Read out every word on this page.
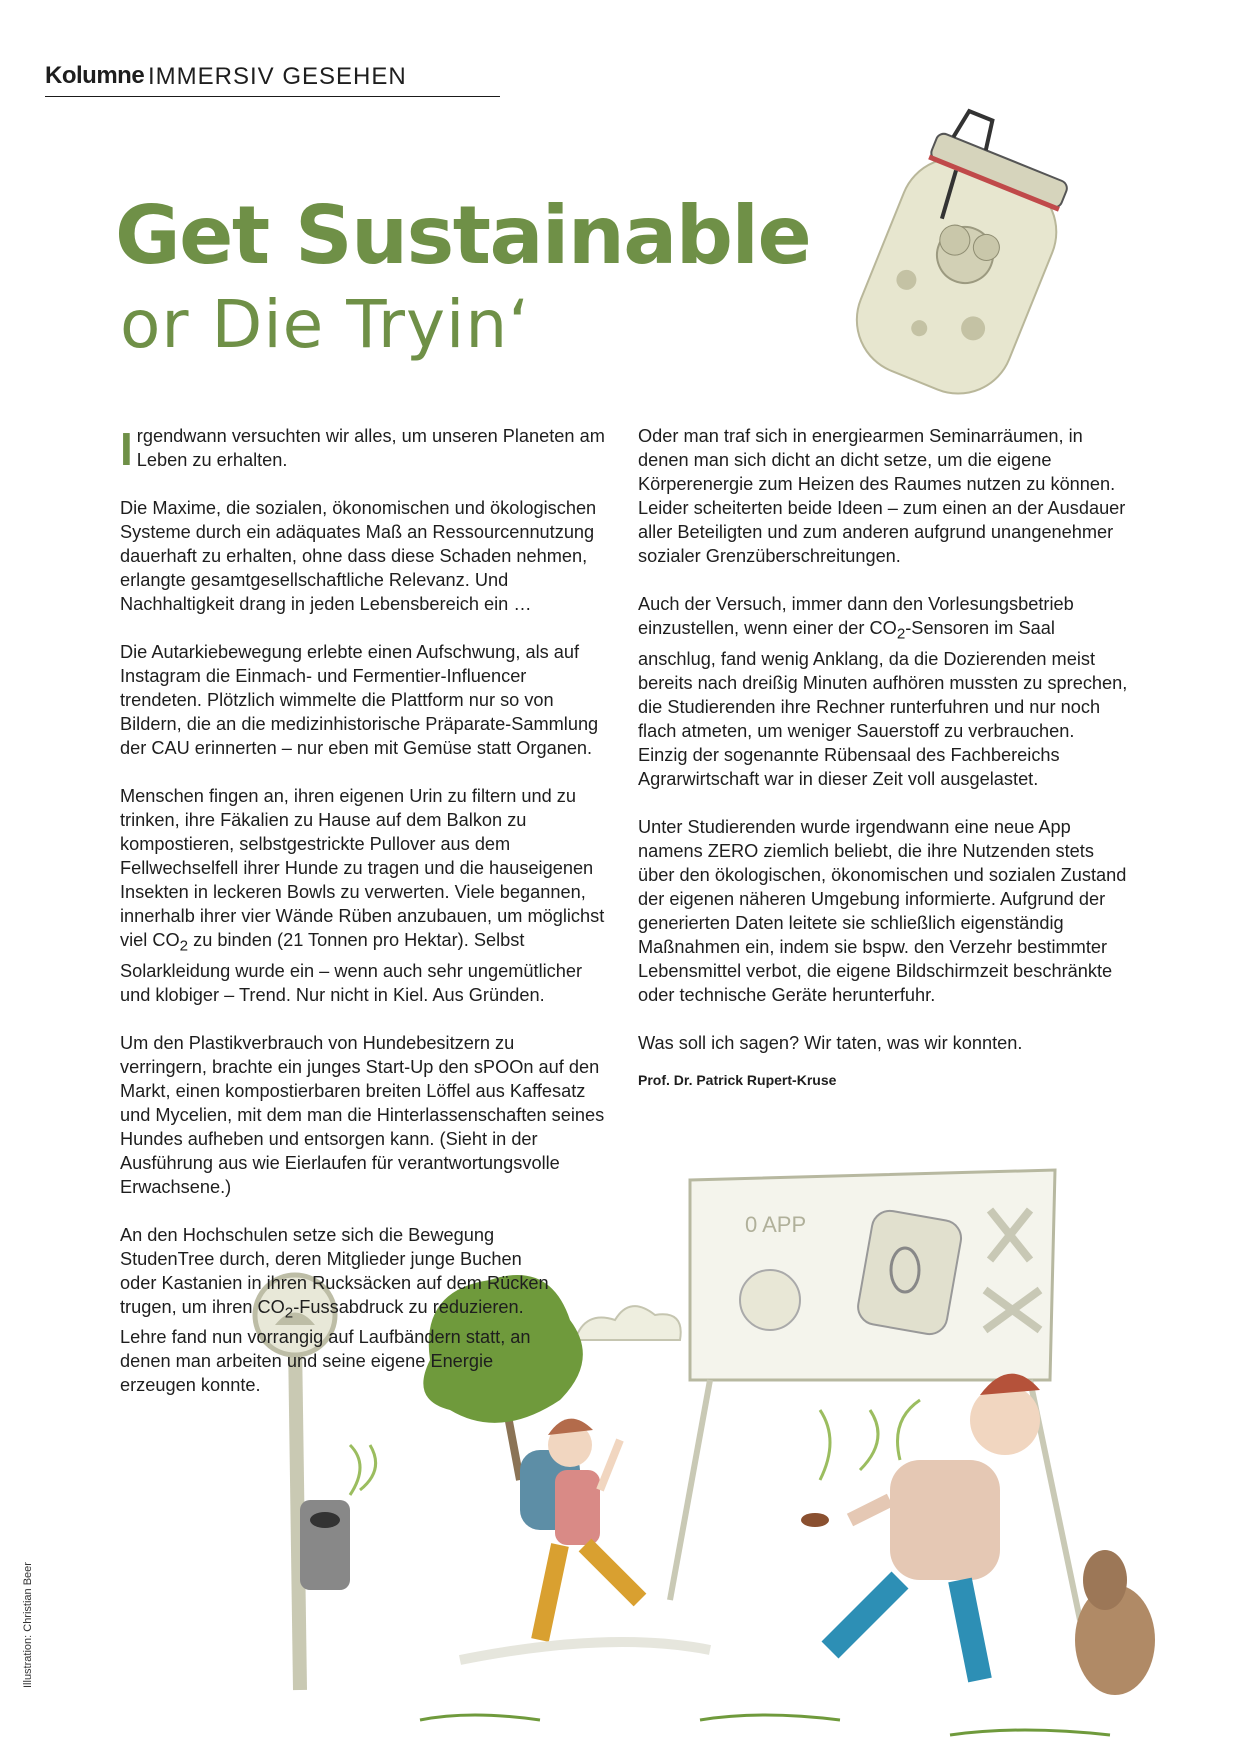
Kolumne IMMERSIV GESEHEN
Get Sustainable
or Die Tryin‘
0 APP

Irgendwann versuchten wir alles, um unseren Planeten am Leben zu erhalten.

Die Maxime, die sozialen, ökonomischen und ökologischen Systeme durch ein adäquates Maß an Ressourcennutzung dauerhaft zu erhalten, ohne dass diese Schaden nehmen, erlangte gesamtgesellschaftliche Relevanz. Und Nachhaltigkeit drang in jeden Lebensbereich ein …

Die Autarkiebewegung erlebte einen Aufschwung, als auf Instagram die Einmach- und Fermentier-Influencer trendeten. Plötzlich wimmelte die Plattform nur so von Bildern, die an die medizinhistorische Präparate-Sammlung der CAU erinnerten – nur eben mit Gemüse statt Organen.

Menschen fingen an, ihren eigenen Urin zu filtern und zu trinken, ihre Fäkalien zu Hause auf dem Balkon zu kompostieren, selbstgestrickte Pullover aus dem Fellwechselfell ihrer Hunde zu tragen und die hauseigenen Insekten in leckeren Bowls zu verwerten. Viele begannen, innerhalb ihrer vier Wände Rüben anzubauen, um möglichst viel $CO_2$ zu binden (21 Tonnen pro Hektar). Selbst Solarkleidung wurde ein – wenn auch sehr ungemütlicher und klobiger – Trend. Nur nicht in Kiel. Aus Gründen.

Um den Plastikverbrauch von Hundebesitzern zu verringern, brachte ein junges Start-Up den sPOOn auf den Markt, einen kompostierbaren breiten Löffel aus Kaffesatz und Mycelien, mit dem man die Hinterlassenschaften seines Hundes aufheben und entsorgen kann. (Sieht in der Ausführung aus wie Eierlaufen für verantwortungsvolle Erwachsene.)

An den Hochschulen setze sich die Bewegung StudenTree durch, deren Mitglieder junge Buchen oder Kastanien in ihren Rucksäcken auf dem Rücken trugen, um ihren $CO_2$-Fussabdruck zu reduzieren. Lehre fand nun vorrangig auf Laufbändern statt, an denen man arbeiten und seine eigene Energie erzeugen konnte.

Oder man traf sich in energiearmen Seminarräumen, in denen man sich dicht an dicht setze, um die eigene Körperenergie zum Heizen des Raumes nutzen zu können. Leider scheiterten beide Ideen – zum einen an der Ausdauer aller Beteiligten und zum anderen aufgrund unangenehmer sozialer Grenzüberschreitungen.

Auch der Versuch, immer dann den Vorlesungsbetrieb einzustellen, wenn einer der $CO_2$-Sensoren im Saal anschlug, fand wenig Anklang, da die Dozierenden meist bereits nach dreißig Minuten aufhören mussten zu sprechen, die Studierenden ihre Rechner runterfuhren und nur noch flach atmeten, um weniger Sauerstoff zu verbrauchen. Einzig der sogenannte Rübensaal des Fachbereichs Agrarwirtschaft war in dieser Zeit voll ausgelastet.

Unter Studierenden wurde irgendwann eine neue App namens ZERO ziemlich beliebt, die ihre Nutzenden stets über den ökologischen, ökonomischen und sozialen Zustand der eigenen näheren Umgebung informierte. Aufgrund der generierten Daten leitete sie schließlich eigenständig Maßnahmen ein, indem sie bspw. den Verzehr bestimmter Lebensmittel verbot, die eigene Bildschirmzeit beschränkte oder technische Geräte herunterfuhr.

Was soll ich sagen? Wir taten, was wir konnten.

Prof. Dr. Patrick Rupert-Kruse
Illustration: Christian Beer
